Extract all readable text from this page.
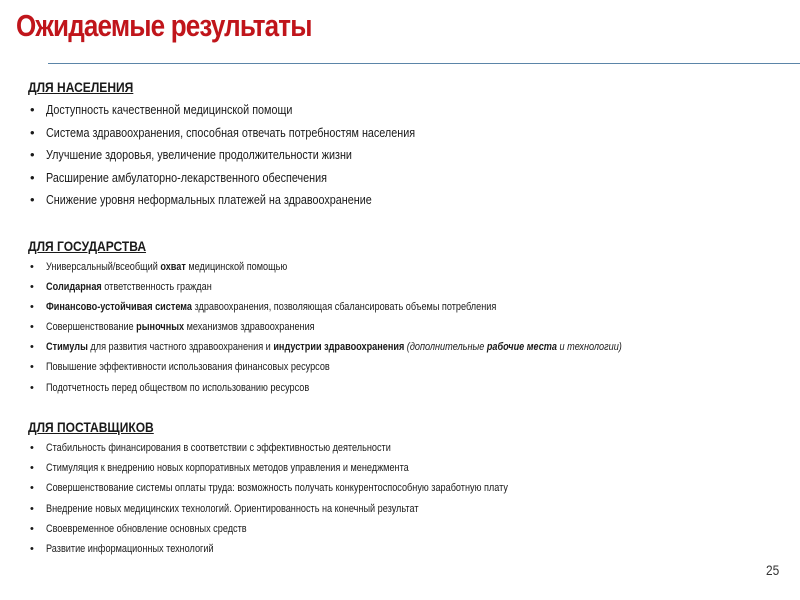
Ожидаемые результаты
ДЛЯ НАСЕЛЕНИЯ
• Доступность качественной медицинской помощи
• Система здравоохранения, способная отвечать потребностям населения
• Улучшение здоровья, увеличение продолжительности жизни
• Расширение амбулаторно-лекарственного обеспечения
• Снижение уровня неформальных платежей на здравоохранение
ДЛЯ ГОСУДАРСТВА
• Универсальный/всеобщий охват медицинской помощью
• Солидарная ответственность граждан
• Финансово-устойчивая система здравоохранения, позволяющая сбалансировать объемы потребления
• Совершенствование рыночных механизмов здравоохранения
• Стимулы для развития частного здравоохранения и индустрии здравоохранения (дополнительные рабочие места и технологии)
• Повышение эффективности использования финансовых ресурсов
• Подотчетность перед обществом по использованию ресурсов
ДЛЯ ПОСТАВЩИКОВ
• Стабильность финансирования в соответствии с эффективностью деятельности
• Стимуляция к внедрению новых корпоративных методов управления и менеджмента
• Совершенствование системы оплаты труда: возможность получать конкурентоспособную заработную плату
• Внедрение новых медицинских технологий. Ориентированность на конечный результат
• Своевременное обновление основных средств
• Развитие информационных технологий
25
